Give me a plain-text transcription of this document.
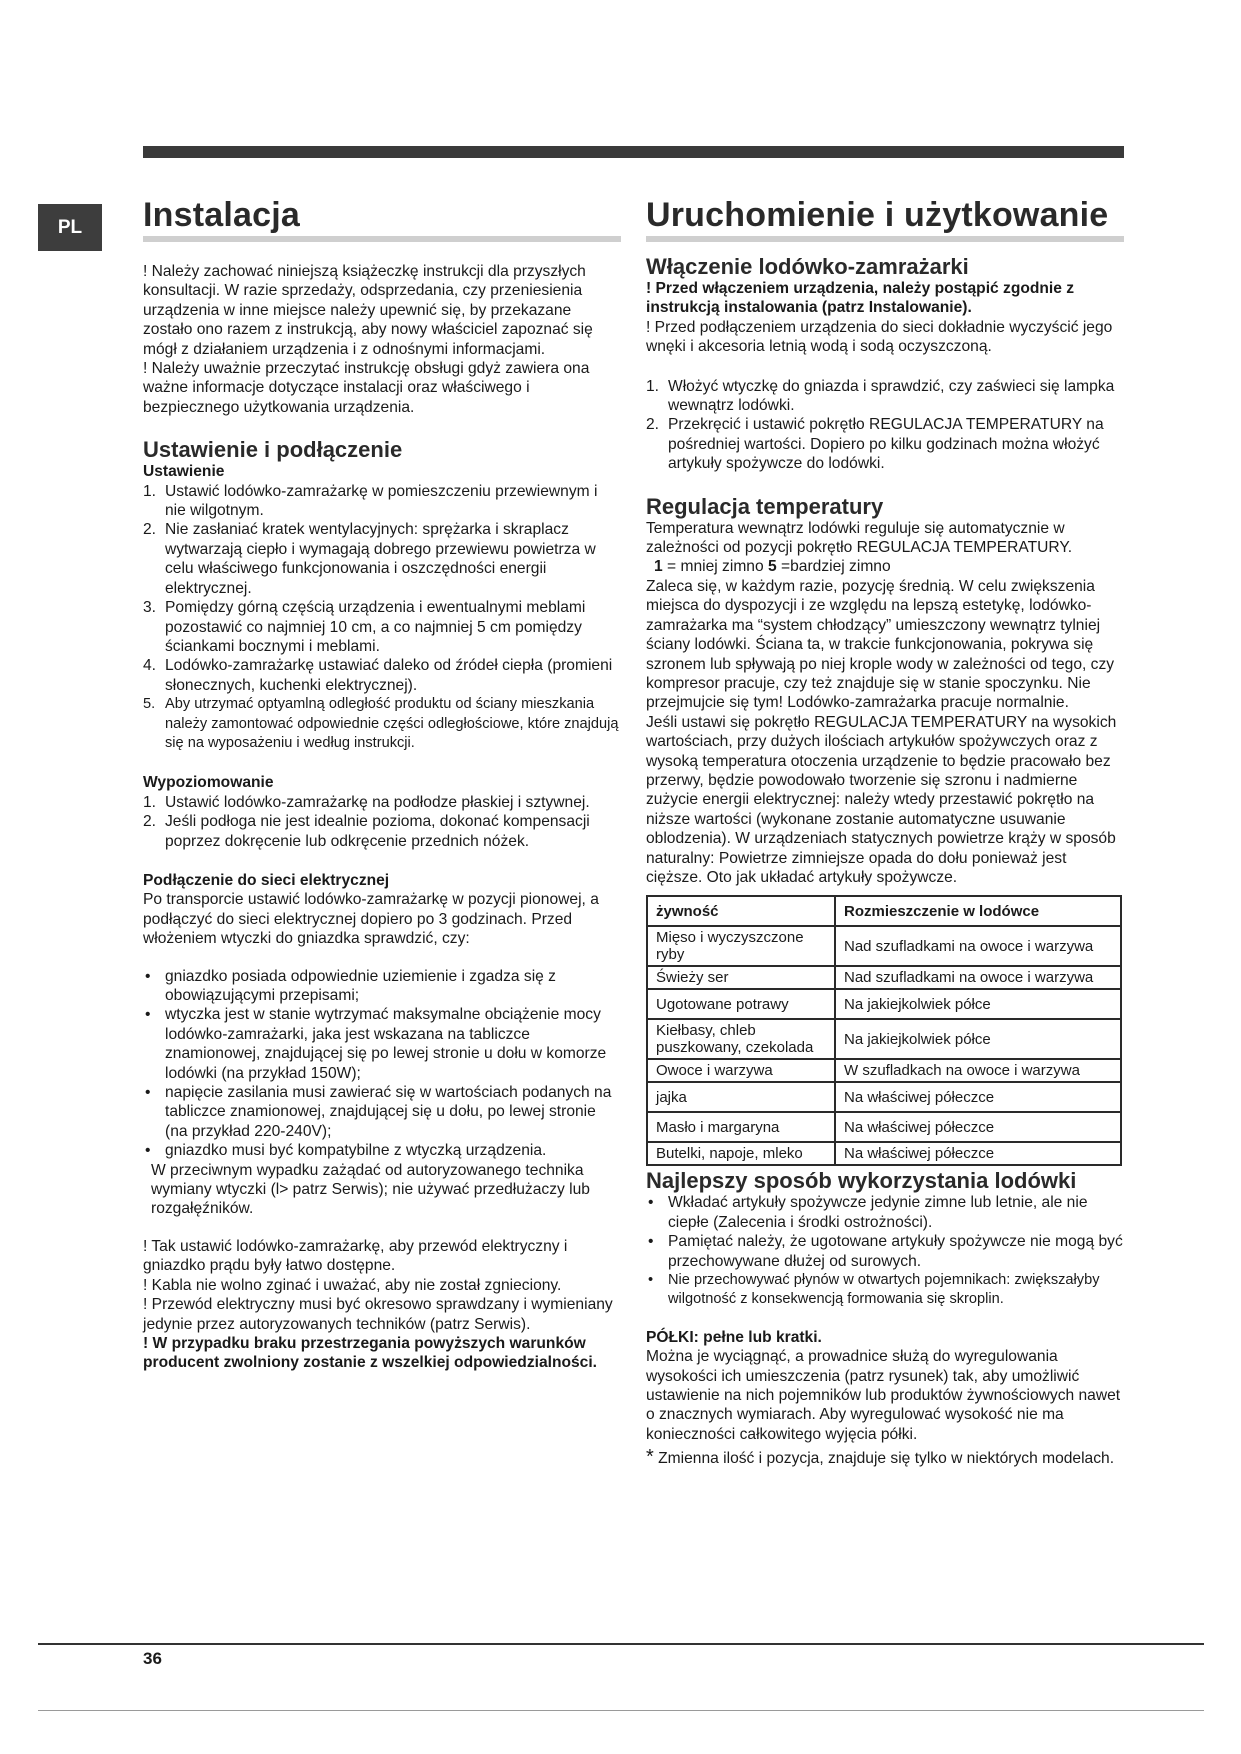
PL Instalacja

! Należy zachować niniejszą książeczkę instrukcji dla przyszłych konsultacji. W razie sprzedaży, odsprzedania, czy przeniesienia urządzenia w inne miejsce należy upewnić się, by przekazane zostało ono razem z instrukcją, aby nowy właściciel zapoznać się mógł z działaniem urządzenia i z odnośnymi informacjami.

! Należy uważnie przeczytać instrukcję obsługi gdyż zawiera ona ważne informacje dotyczące instalacji oraz właściwego i bezpiecznego użytkowania urządzenia.

Ustawienie i podłączenie
Ustawienie
1. Ustawić lodówko-zamrażarkę w pomieszczeniu przewiewnym i nie wilgotnym.
2. Nie zasłaniać kratek wentylacyjnych: sprężarka i skraplacz wytwarzają ciepło i wymagają dobrego przewiewu powietrza w celu właściwego funkcjonowania i oszczędności energii elektrycznej.
3. Pomiędzy górną częścią urządzenia i ewentualnymi meblami pozostawić co najmniej 10 cm, a co najmniej 5 cm pomiędzy ściankami bocznymi i meblami.
4. Lodówko-zamrażarkę ustawiać daleko od źródeł ciepła (promieni słonecznych, kuchenki elektrycznej).
5. Aby utrzymać optyamlną odległość produktu od ściany mieszkania należy zamontować odpowiednie części odległościowe, które znajdują się na wyposażeniu i według instrukcji.
Wypoziomowanie
1. Ustawić lodówko-zamrażarkę na podłodze płaskiej i sztywnej.
2. Jeśli podłoga nie jest idealnie pozioma, dokonać kompensacji poprzez dokręcenie lub odkręcenie przednich nóżek.
Podłączenie do sieci elektrycznej

Po transporcie ustawić lodówko-zamrażarkę w pozycji pionowej, a podłączyć do sieci elektrycznej dopiero po 3 godzinach. Przed włożeniem wtyczki do gniazdka sprawdzić, czy:

• gniazdko posiada odpowiednie uziemienie i zgadza się z obowiązującymi przepisami;
• wtyczka jest w stanie wytrzymać maksymalne obciążenie mocy lodówko-zamrażarki, jaka jest wskazana na tabliczce znamionowej, znajdującej się po lewej stronie u dołu w komorze lodówki (na przykład 150W);
• napięcie zasilania musi zawierać się w wartościach podanych na tabliczce znamionowej, znajdującej się u dołu, po lewej stronie (na przykład 220-240V);
• gniazdko musi być kompatybilne z wtyczką urządzenia.

W przeciwnym wypadku zażądać od autoryzowanego technika wymiany wtyczki (l> patrz Serwis); nie używać przedłużaczy lub rozgałęźników.

! Tak ustawić lodówko-zamrażarkę, aby przewód elektryczny i gniazdko prądu były łatwo dostępne.

! Kabla nie wolno zginać i uważać, aby nie został zgnieciony.

! Przewód elektryczny musi być okresowo sprawdzany i wymieniany jedynie przez autoryzowanych techników (patrz Serwis).

! W przypadku braku przestrzegania powyższych warunków producent zwolniony zostanie z wszelkiej odpowiedzialności.

Uruchomienie i użytkowanie
Włączenie lodówko-zamrażarki

! Przed włączeniem urządzenia, należy postąpić zgodnie z instrukcją instalowania (patrz Instalowanie).

! Przed podłączeniem urządzenia do sieci dokładnie wyczyścić jego wnęki i akcesoria letnią wodą i sodą oczyszczoną.

1. Włożyć wtyczkę do gniazda i sprawdzić, czy zaświeci się lampka wewnątrz lodówki.
2. Przekręcić i ustawić pokrętło REGULACJA TEMPERATURY na pośredniej wartości. Dopiero po kilku godzinach można włożyć artykuły spożywcze do lodówki.
Regulacja temperatury

Temperatura wewnątrz lodówki reguluje się automatycznie w zależności od pozycji pokrętło REGULACJA TEMPERATURY.

1 = mniej zimno 5 =bardziej zimno

Zaleca się, w każdym razie, pozycję średnią. W celu zwiększenia miejsca do dyspozycji i ze względu na lepszą estetykę, lodówko-zamrażarka ma “system chłodzący” umieszczony wewnątrz tylniej ściany lodówki. Ściana ta, w trakcie funkcjonowania, pokrywa się szronem lub spływają po niej krople wody w zależności od tego, czy kompresor pracuje, czy też znajduje się w stanie spoczynku. Nie przejmujcie się tym! Lodówko-zamrażarka pracuje normalnie.

Jeśli ustawi się pokrętło REGULACJA TEMPERATURY na wysokich wartościach, przy dużych ilościach artykułów spożywczych oraz z wysoką temperatura otoczenia urządzenie to będzie pracowało bez przerwy, będzie powodowało tworzenie się szronu i nadmierne zużycie energii elektrycznej: należy wtedy przestawić pokrętło na niższe wartości (wykonane zostanie automatyczne usuwanie oblodzenia). W urządzeniach statycznych powietrze krąży w sposób naturalny: Powietrze zimniejsze opada do dołu ponieważ jest cięższe. Oto jak układać artykuły spożywcze.

żywność	Rozmieszczenie w lodówce
Mięso i wyczyszczone ryby	Nad szufladkami na owoce i warzywa
Świeży ser	Nad szufladkami na owoce i warzywa
Ugotowane potrawy	Na jakiejkolwiek półce
Kiełbasy, chleb puszkowany, czekolada	Na jakiejkolwiek półce
Owoce i warzywa	W szufladkach na owoce i warzywa
jajka	Na właściwej półeczce
Masło i margaryna	Na właściwej półeczce
Butelki, napoje, mleko	Na właściwej półeczce
Najlepszy sposób wykorzystania lodówki
• Wkładać artykuły spożywcze jedynie zimne lub letnie, ale nie ciepłe (Zalecenia i środki ostrożności).
• Pamiętać należy, że ugotowane artykuły spożywcze nie mogą być przechowywane dłużej od surowych.
• Nie przechowywać płynów w otwartych pojemnikach: zwiększałyby wilgotność z konsekwencją formowania się skroplin.
PÓŁKI: pełne lub kratki.

Można je wyciągnąć, a prowadnice służą do wyregulowania wysokości ich umieszczenia (patrz rysunek) tak, aby umożliwić ustawienie na nich pojemników lub produktów żywnościowych nawet o znacznych wymiarach. Aby wyregulować wysokość nie ma konieczności całkowitego wyjęcia półki.

* Zmienna ilość i pozycja, znajduje się tylko w niektórych modelach.

36
